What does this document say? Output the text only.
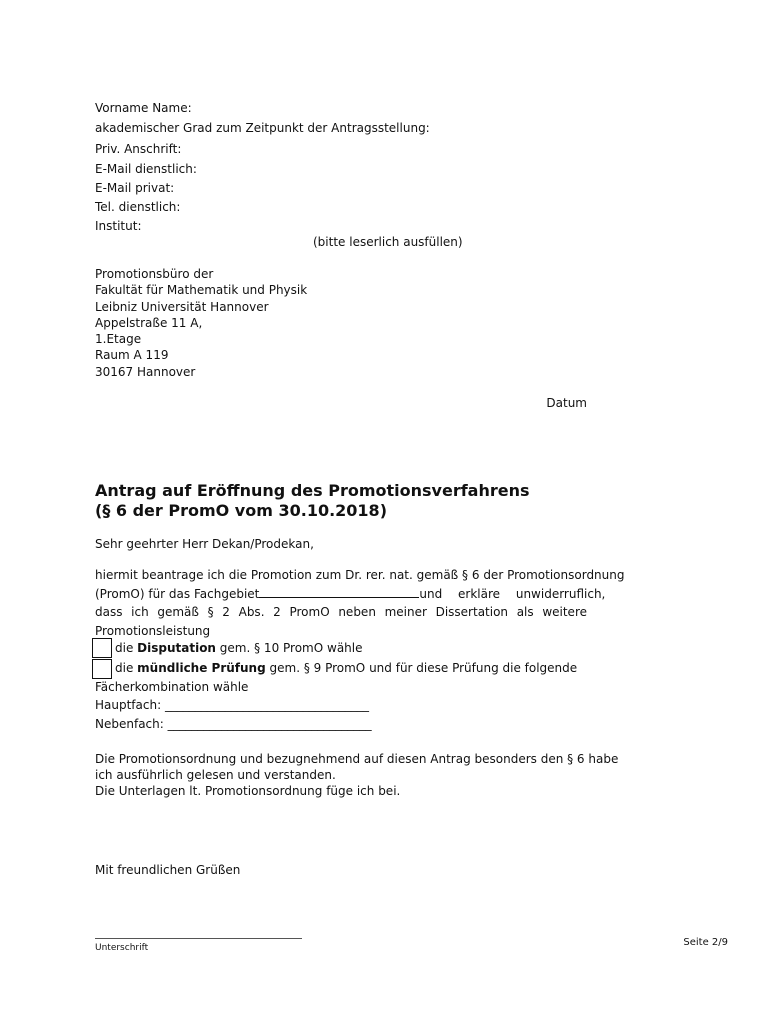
Vorname Name:
akademischer Grad zum Zeitpunkt der Antragsstellung:
Priv. Anschrift:
E-Mail dienstlich:
E-Mail privat:
Tel. dienstlich:
Institut:
(bitte leserlich ausfüllen)
Promotionsbüro der
Fakultät für Mathematik und Physik
Leibniz Universität Hannover
Appelstraße 11 A,
1.Etage
Raum A 119
30167 Hannover
Datum
Antrag auf Eröffnung des Promotionsverfahrens
(§ 6 der PromO vom 30.10.2018)
Sehr geehrter Herr Dekan/Prodekan,
hiermit beantrage ich die Promotion zum Dr. rer. nat. gemäß § 6 der Promotionsordnung
(PromO) für das Fachgebiet	und erkläre unwiderruflich,
dass ich gemäß § 2 Abs. 2 PromO neben meiner Dissertation als weitere
Promotionsleistung
die Disputation gem. § 10 PromO wähle
die mündliche Prüfung gem. § 9 PromO und für diese Prüfung die folgende
Fächerkombination wähle
Hauptfach: __________________________________
Nebenfach: __________________________________
Die Promotionsordnung und bezugnehmend auf diesen Antrag besonders den § 6 habe
ich ausführlich gelesen und verstanden.
Die Unterlagen lt. Promotionsordnung füge ich bei.
Mit freundlichen Grüßen
Unterschrift	Seite 2/9
